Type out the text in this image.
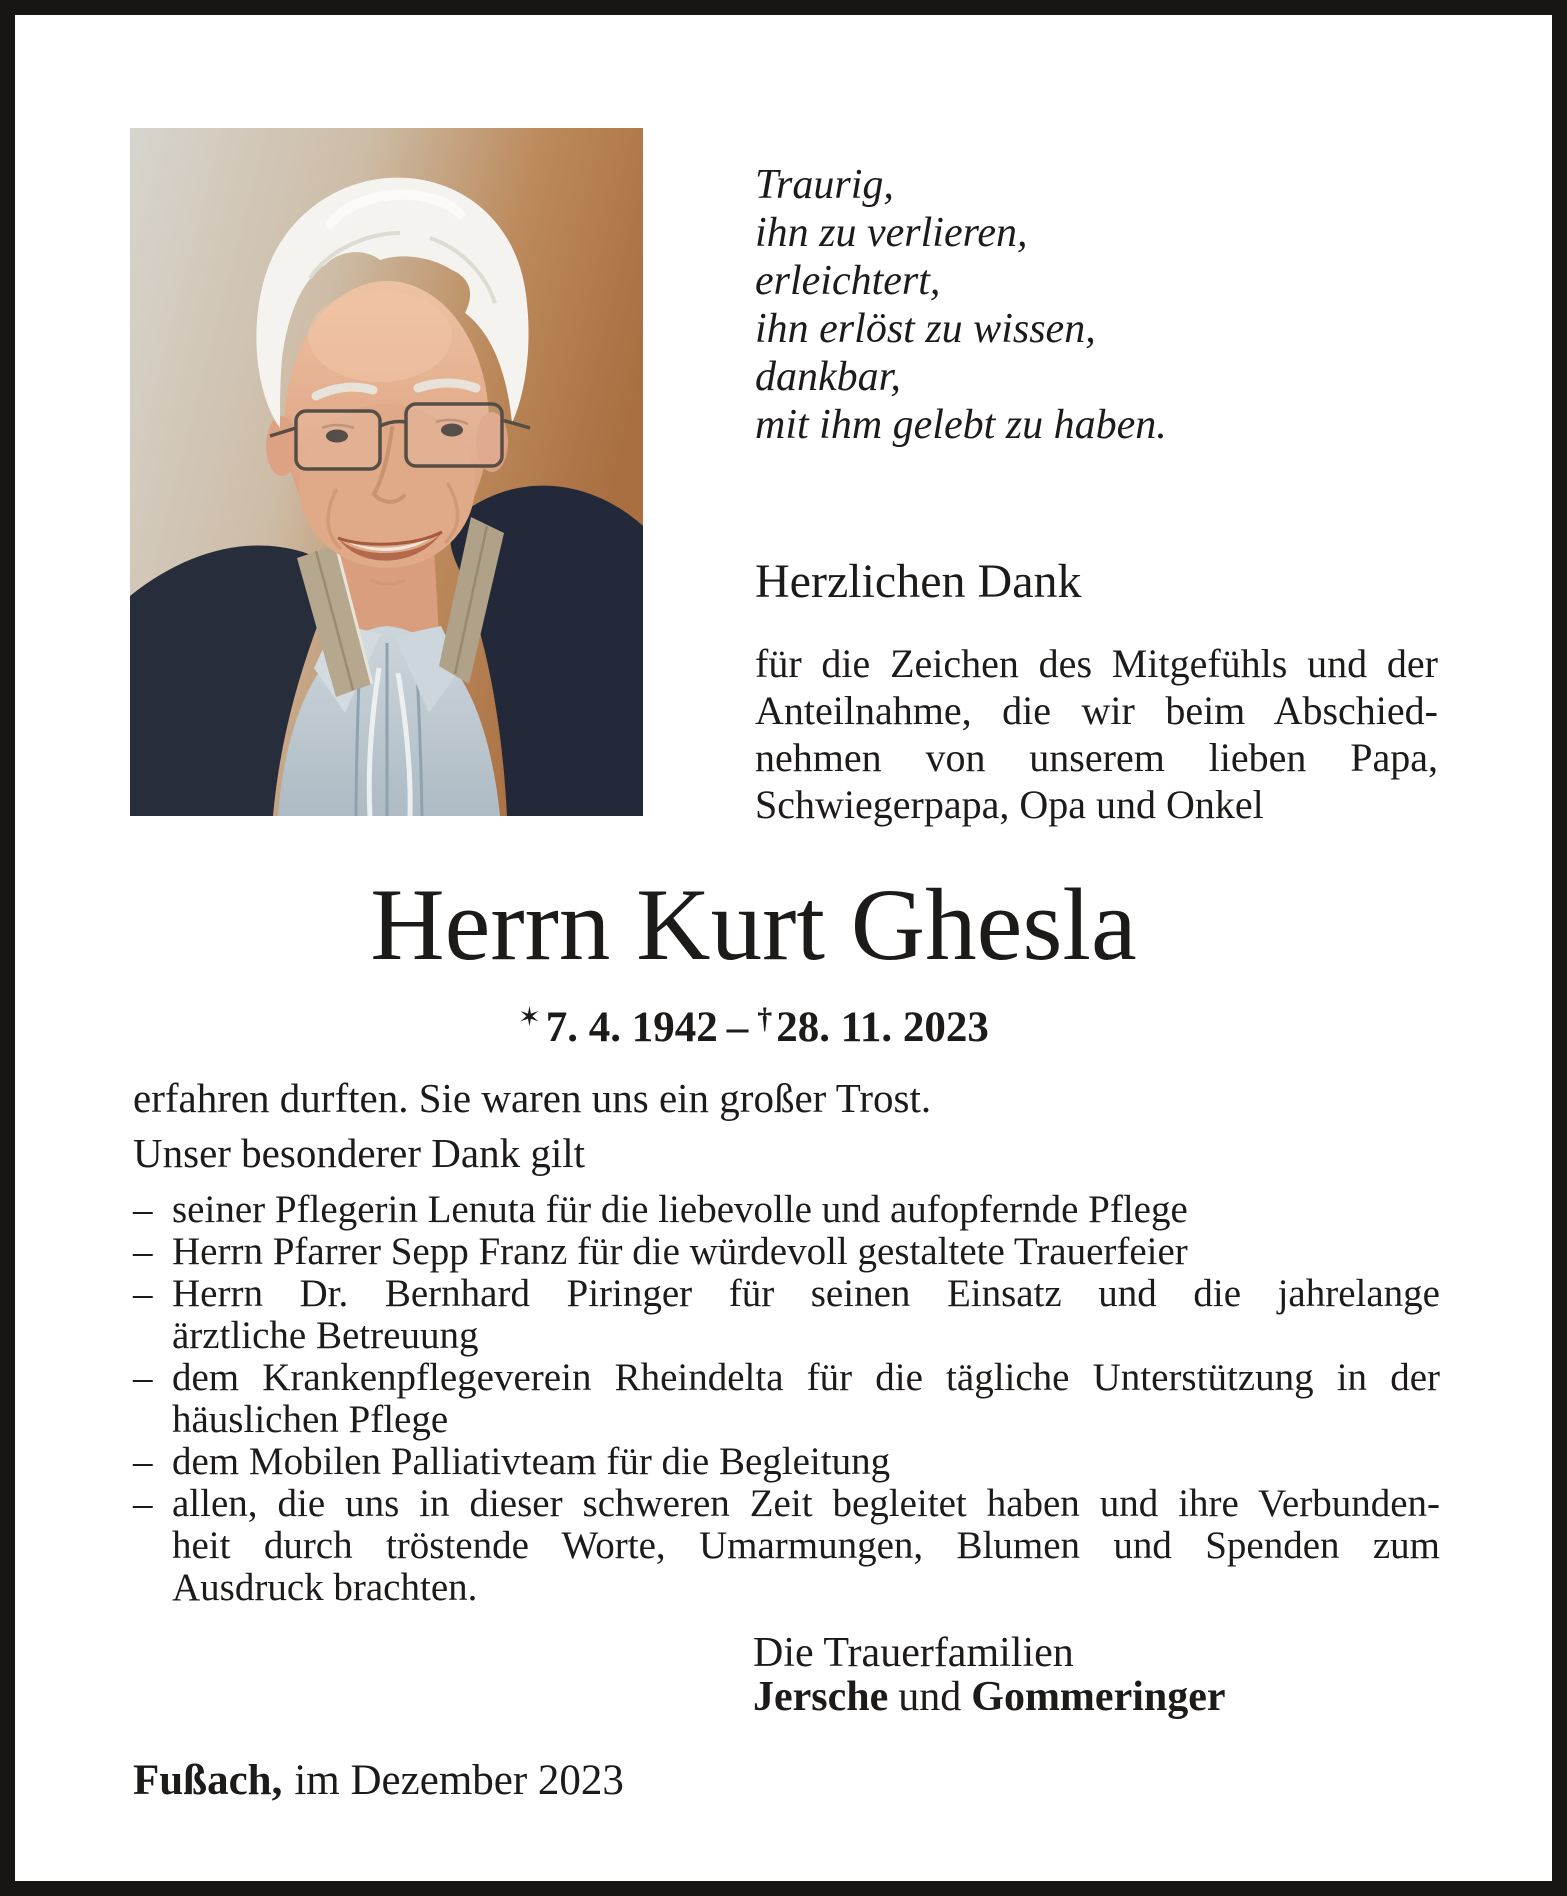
Traurig,
ihn zu verlieren,
erleichtert,
ihn erlöst zu wissen,
dankbar,
mit ihm gelebt zu haben.
Herzlichen Dank
für die Zeichen des Mitgefühls und der
Anteilnahme, die wir beim Abschied-
nehmen von unserem lieben Papa,
Schwiegerpapa, Opa und Onkel
Herrn Kurt Ghesla
✶ 7. 4. 1942 – †28. 11. 2023
erfahren durften. Sie waren uns ein großer Trost.
Unser besonderer Dank gilt
– seiner Pflegerin Lenuta für die liebevolle und aufopfernde Pflege
– Herrn Pfarrer Sepp Franz für die würdevoll gestaltete Trauerfeier
– Herrn Dr. Bernhard Piringer für seinen Einsatz und die jahrelange
ärztliche Betreuung
– dem Krankenpflegeverein Rheindelta für die tägliche Unterstützung in der
häuslichen Pflege
– dem Mobilen Palliativteam für die Begleitung
– allen, die uns in dieser schweren Zeit begleitet haben und ihre Verbunden-
heit durch tröstende Worte, Umarmungen, Blumen und Spenden zum
Ausdruck brachten.
Die Trauerfamilien
Jersche und Gommeringer
Fußach, im Dezember 2023
